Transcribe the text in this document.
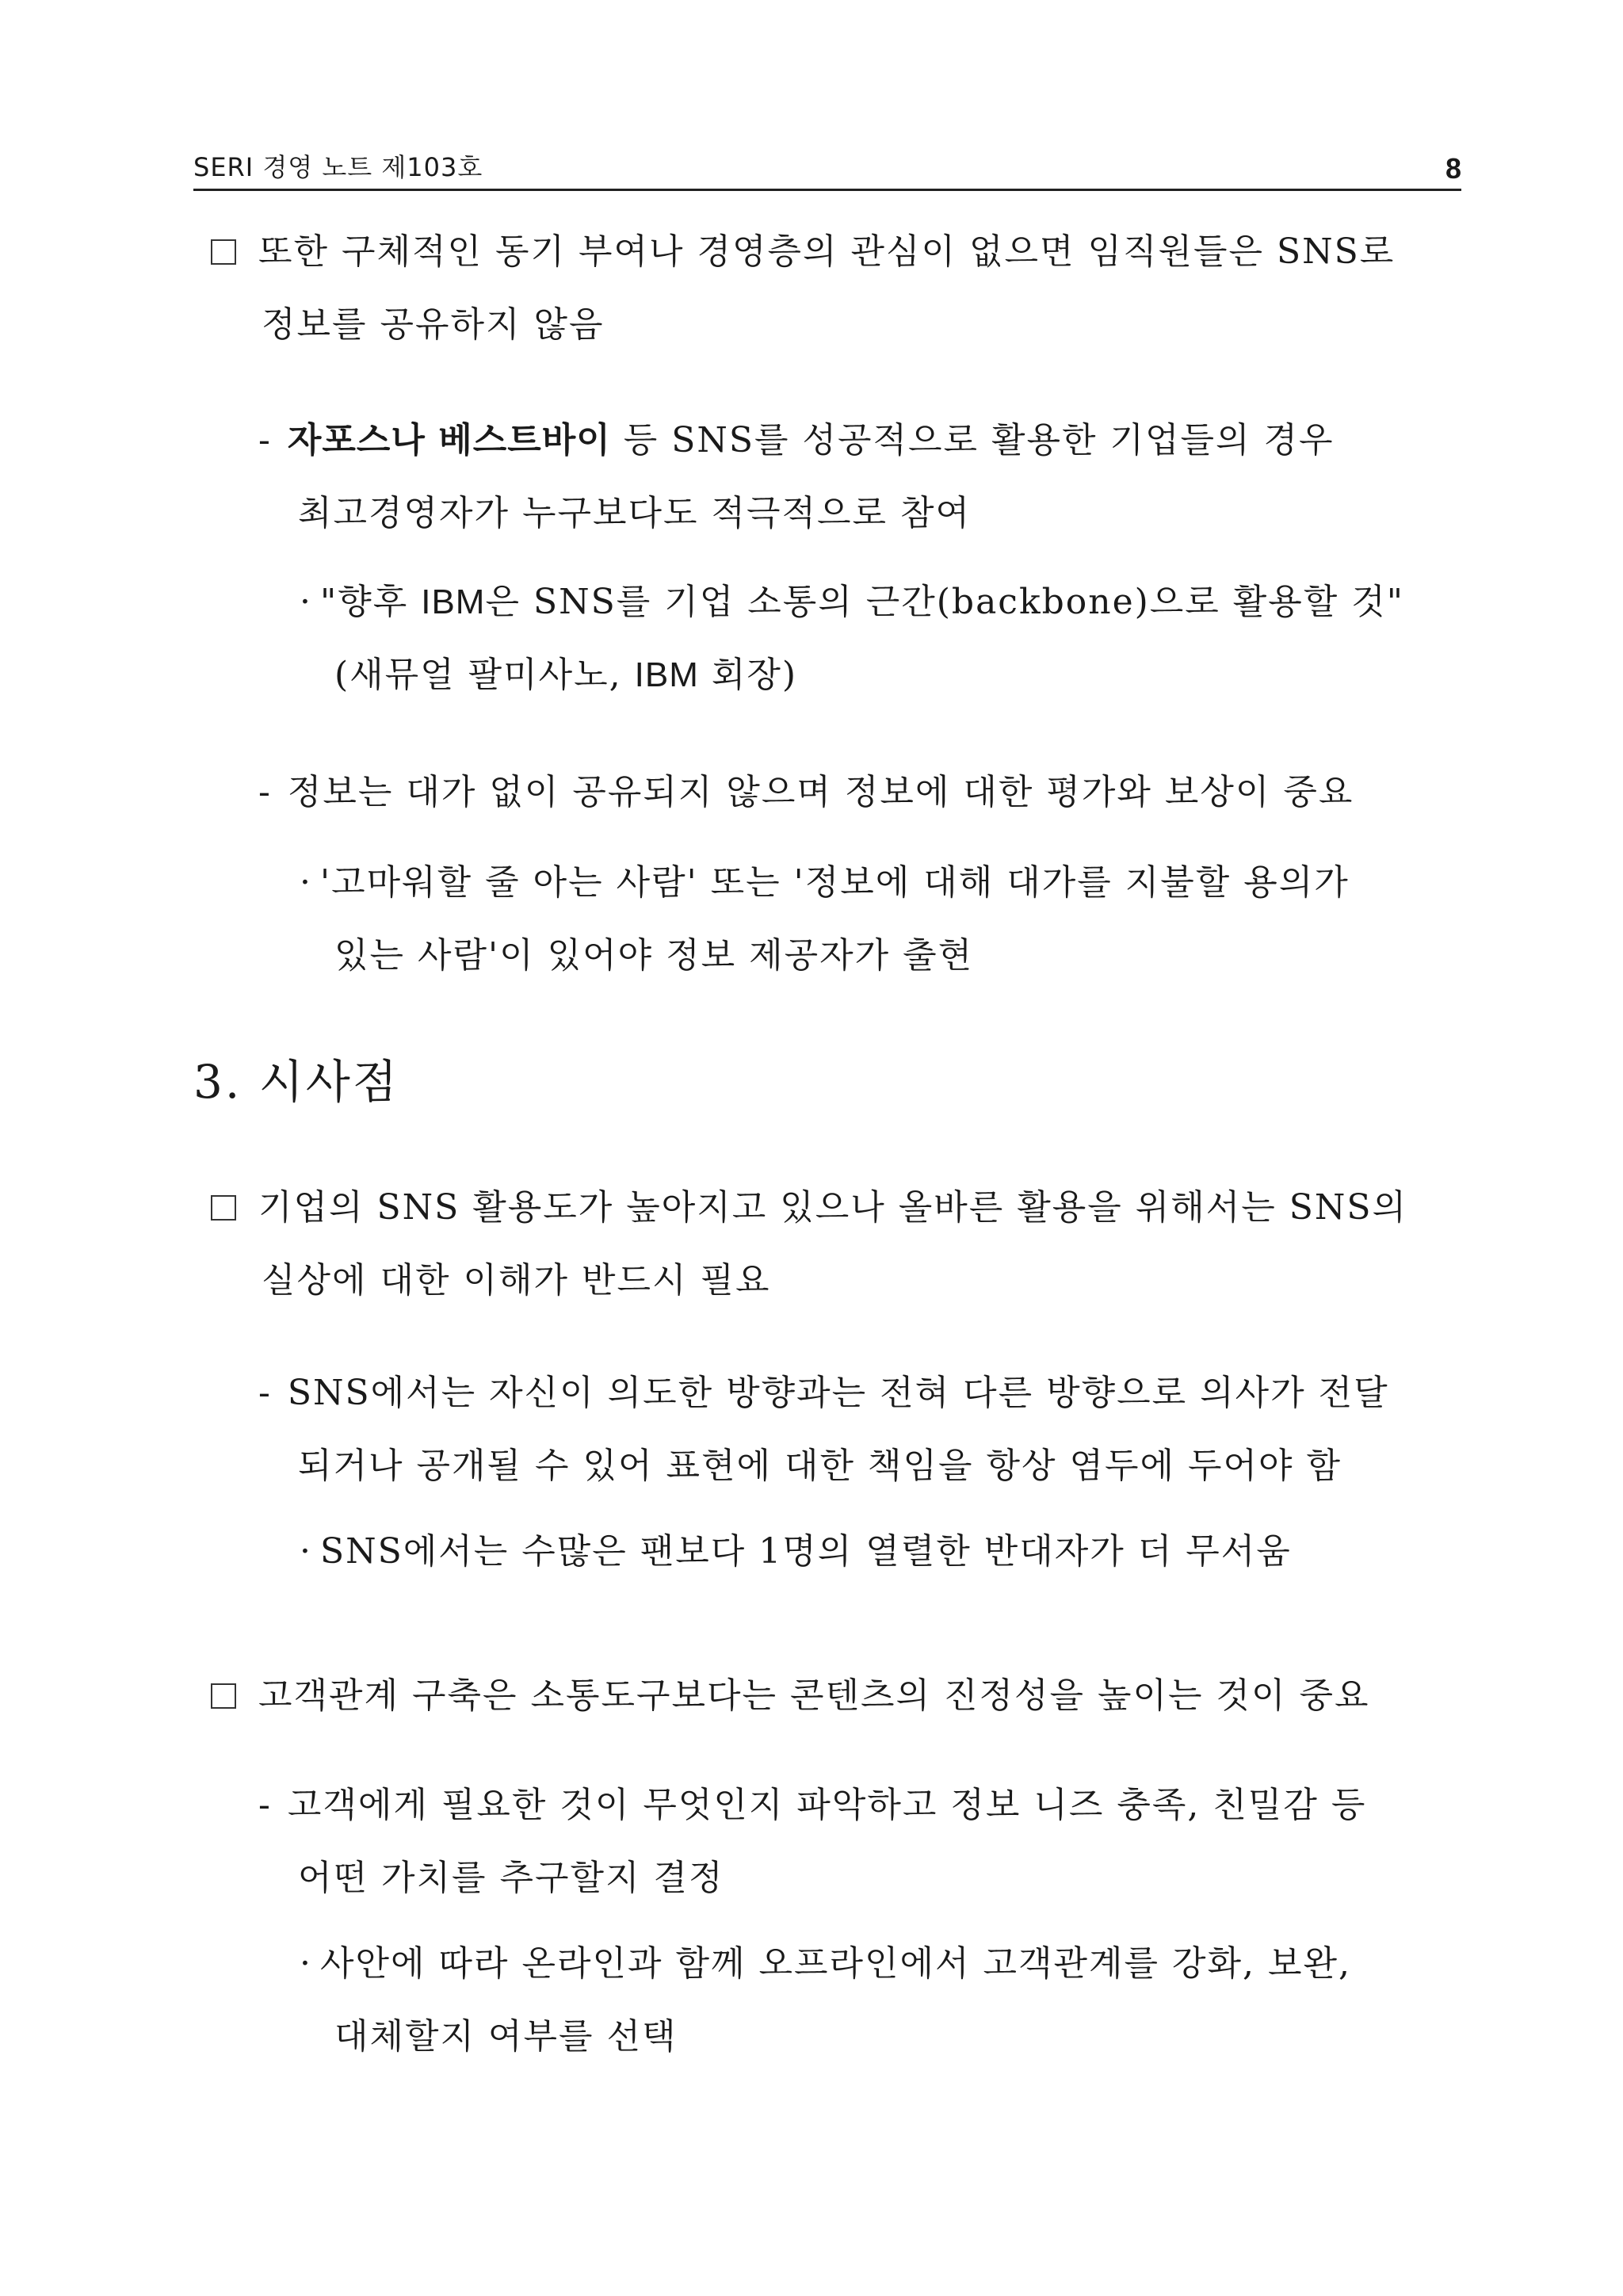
SERI 경영 노트 제103호	8
또한 구체적인 동기 부여나 경영층의 관심이 없으면 임직원들은 SNS로
정보를 공유하지 않음
- 자포스나 베스트바이 등 SNS를 성공적으로 활용한 기업들의 경우
최고경영자가 누구보다도 적극적으로 참여
· "향후 IBM은 SNS를 기업 소통의 근간(backbone)으로 활용할 것"
(새뮤얼 팔미사노, IBM 회장)
- 정보는 대가 없이 공유되지 않으며 정보에 대한 평가와 보상이 중요
· '고마워할 줄 아는 사람' 또는 '정보에 대해 대가를 지불할 용의가
있는 사람'이 있어야 정보 제공자가 출현
3. 시사점
기업의 SNS 활용도가 높아지고 있으나 올바른 활용을 위해서는 SNS의
실상에 대한 이해가 반드시 필요
- SNS에서는 자신이 의도한 방향과는 전혀 다른 방향으로 의사가 전달
되거나 공개될 수 있어 표현에 대한 책임을 항상 염두에 두어야 함
· SNS에서는 수많은 팬보다 1명의 열렬한 반대자가 더 무서움
고객관계 구축은 소통도구보다는 콘텐츠의 진정성을 높이는 것이 중요
- 고객에게 필요한 것이 무엇인지 파악하고 정보 니즈 충족, 친밀감 등
어떤 가치를 추구할지 결정
· 사안에 따라 온라인과 함께 오프라인에서 고객관계를 강화, 보완,
대체할지 여부를 선택
